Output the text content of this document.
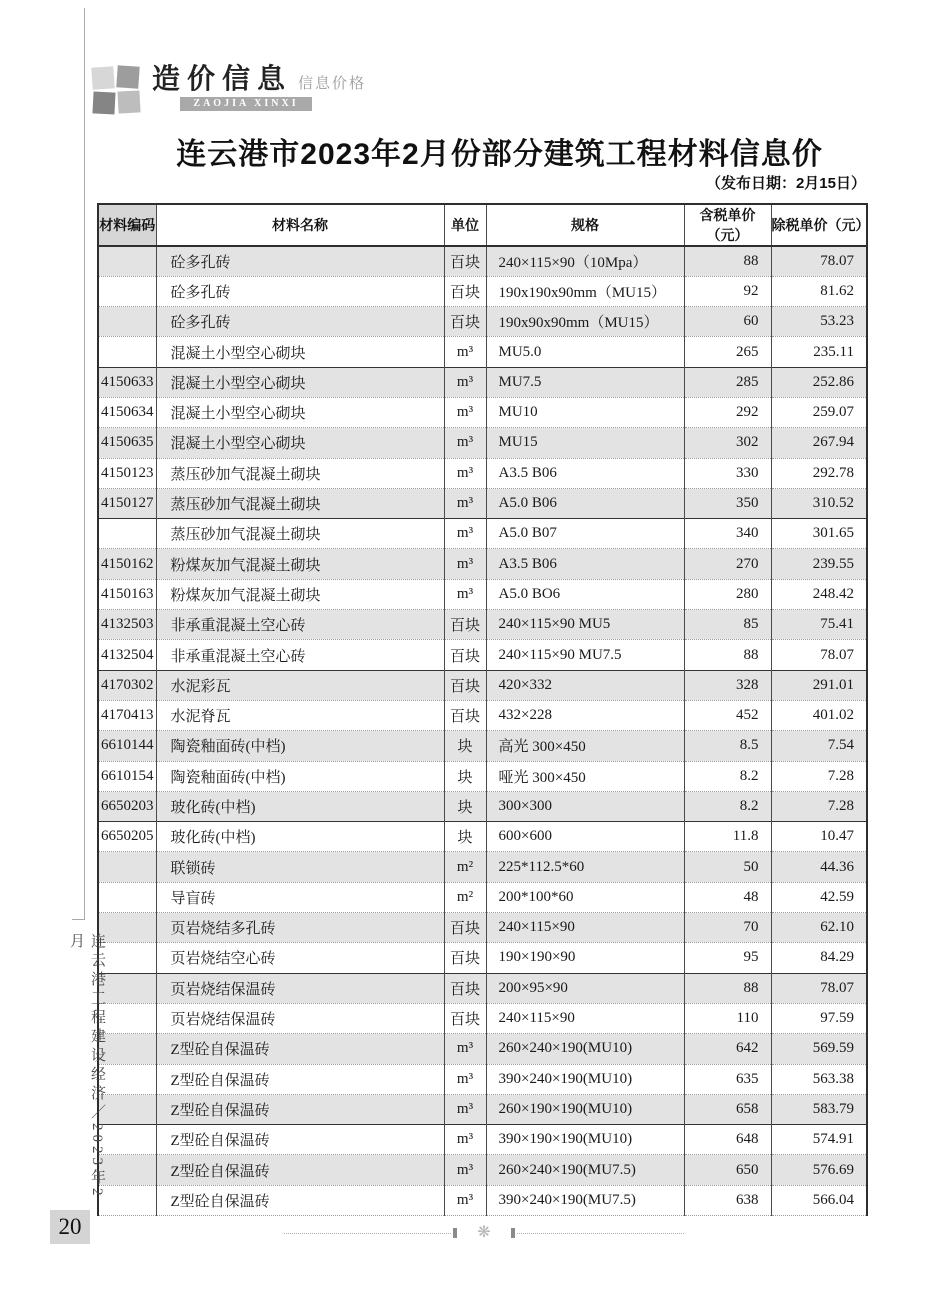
造价信息 信息价格
ZAOJIA XINXI
连云港市2023年2月份部分建筑工程材料信息价
（发布日期：2月15日）
材料编码	材料名称	单位	规格	含税单价（元）	除税单价（元）
	砼多孔砖	百块	240×115×90（10Mpa）	88	78.07
	砼多孔砖	百块	190x190x90mm（MU15）	92	81.62
	砼多孔砖	百块	190x90x90mm（MU15）	60	53.23
	混凝土小型空心砌块	m³	MU5.0	265	235.11
4150633	混凝土小型空心砌块	m³	MU7.5	285	252.86
4150634	混凝土小型空心砌块	m³	MU10	292	259.07
4150635	混凝土小型空心砌块	m³	MU15	302	267.94
4150123	蒸压砂加气混凝土砌块	m³	A3.5 B06	330	292.78
4150127	蒸压砂加气混凝土砌块	m³	A5.0 B06	350	310.52
	蒸压砂加气混凝土砌块	m³	A5.0 B07	340	301.65
4150162	粉煤灰加气混凝土砌块	m³	A3.5 B06	270	239.55
4150163	粉煤灰加气混凝土砌块	m³	A5.0 BO6	280	248.42
4132503	非承重混凝土空心砖	百块	240×115×90 MU5	85	75.41
4132504	非承重混凝土空心砖	百块	240×115×90 MU7.5	88	78.07
4170302	水泥彩瓦	百块	420×332	328	291.01
4170413	水泥脊瓦	百块	432×228	452	401.02
6610144	陶瓷釉面砖(中档)	块	高光 300×450	8.5	7.54
6610154	陶瓷釉面砖(中档)	块	哑光 300×450	8.2	7.28
6650203	玻化砖(中档)	块	300×300	8.2	7.28
6650205	玻化砖(中档)	块	600×600	11.8	10.47
	联锁砖	m²	225*112.5*60	50	44.36
	导盲砖	m²	200*100*60	48	42.59
	页岩烧结多孔砖	百块	240×115×90	70	62.10
	页岩烧结空心砖	百块	190×190×90	95	84.29
	页岩烧结保温砖	百块	200×95×90	88	78.07
	页岩烧结保温砖	百块	240×115×90	110	97.59
	Z型砼自保温砖	m³	260×240×190(MU10)	642	569.59
	Z型砼自保温砖	m³	390×240×190(MU10)	635	563.38
	Z型砼自保温砖	m³	260×190×190(MU10)	658	583.79
	Z型砼自保温砖	m³	390×190×190(MU10)	648	574.91
	Z型砼自保温砖	m³	260×240×190(MU7.5)	650	576.69
	Z型砼自保温砖	m³	390×240×190(MU7.5)	638	566.04
连云港工程建设经济／2023年2月
20	❋
